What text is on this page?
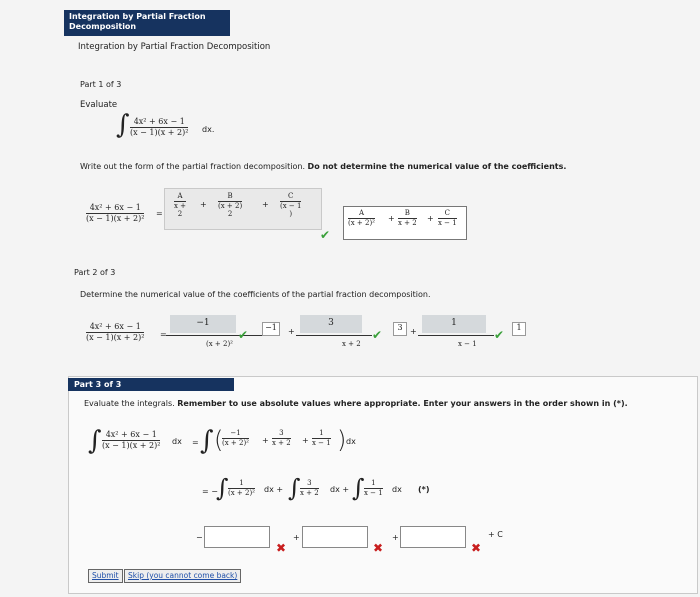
Integration by Partial Fraction
Decomposition
Integration by Partial Fraction Decomposition
Part 1 of 3
Evaluate
∫ 4x² + 6x − 1
(x − 1)(x + 2)² dx.
Write out the form of the partial fraction decomposition. Do not determine the numerical value of the coefficients.
4x² + 6x − 1
(x − 1)(x + 2)²
=
A
x +
2
+
B
(x + 2)
2
+
C
(x − 1
)
✔
A
(x + 2)²
+
B
x + 2
+
C
x − 1
Part 2 of 3
Determine the numerical value of the coefficients of the partial fraction decomposition.
4x² + 6x − 1
(x − 1)(x + 2)² =
−1
(x + 2)²
✔
−1	+
3
x + 2
✔
3 +
1
x − 1
✔
1
Part 3 of 3
Evaluate the integrals. Remember to use absolute values where appropriate. Enter your answers in the order shown in (*).
∫ 4x² + 6x − 1
(x − 1)(x + 2)² dx = ∫ ( −1
(x + 2)² +
3
x + 2 +
1
x − 1 ) dx
= −
∫ 1
(x + 2)² dx + ∫ 3
x + 2 dx + ∫ 1
x − 1 dx (*)
−
✖
+
✖
+
✖
+ C
Submit	Skip (you cannot come back)
